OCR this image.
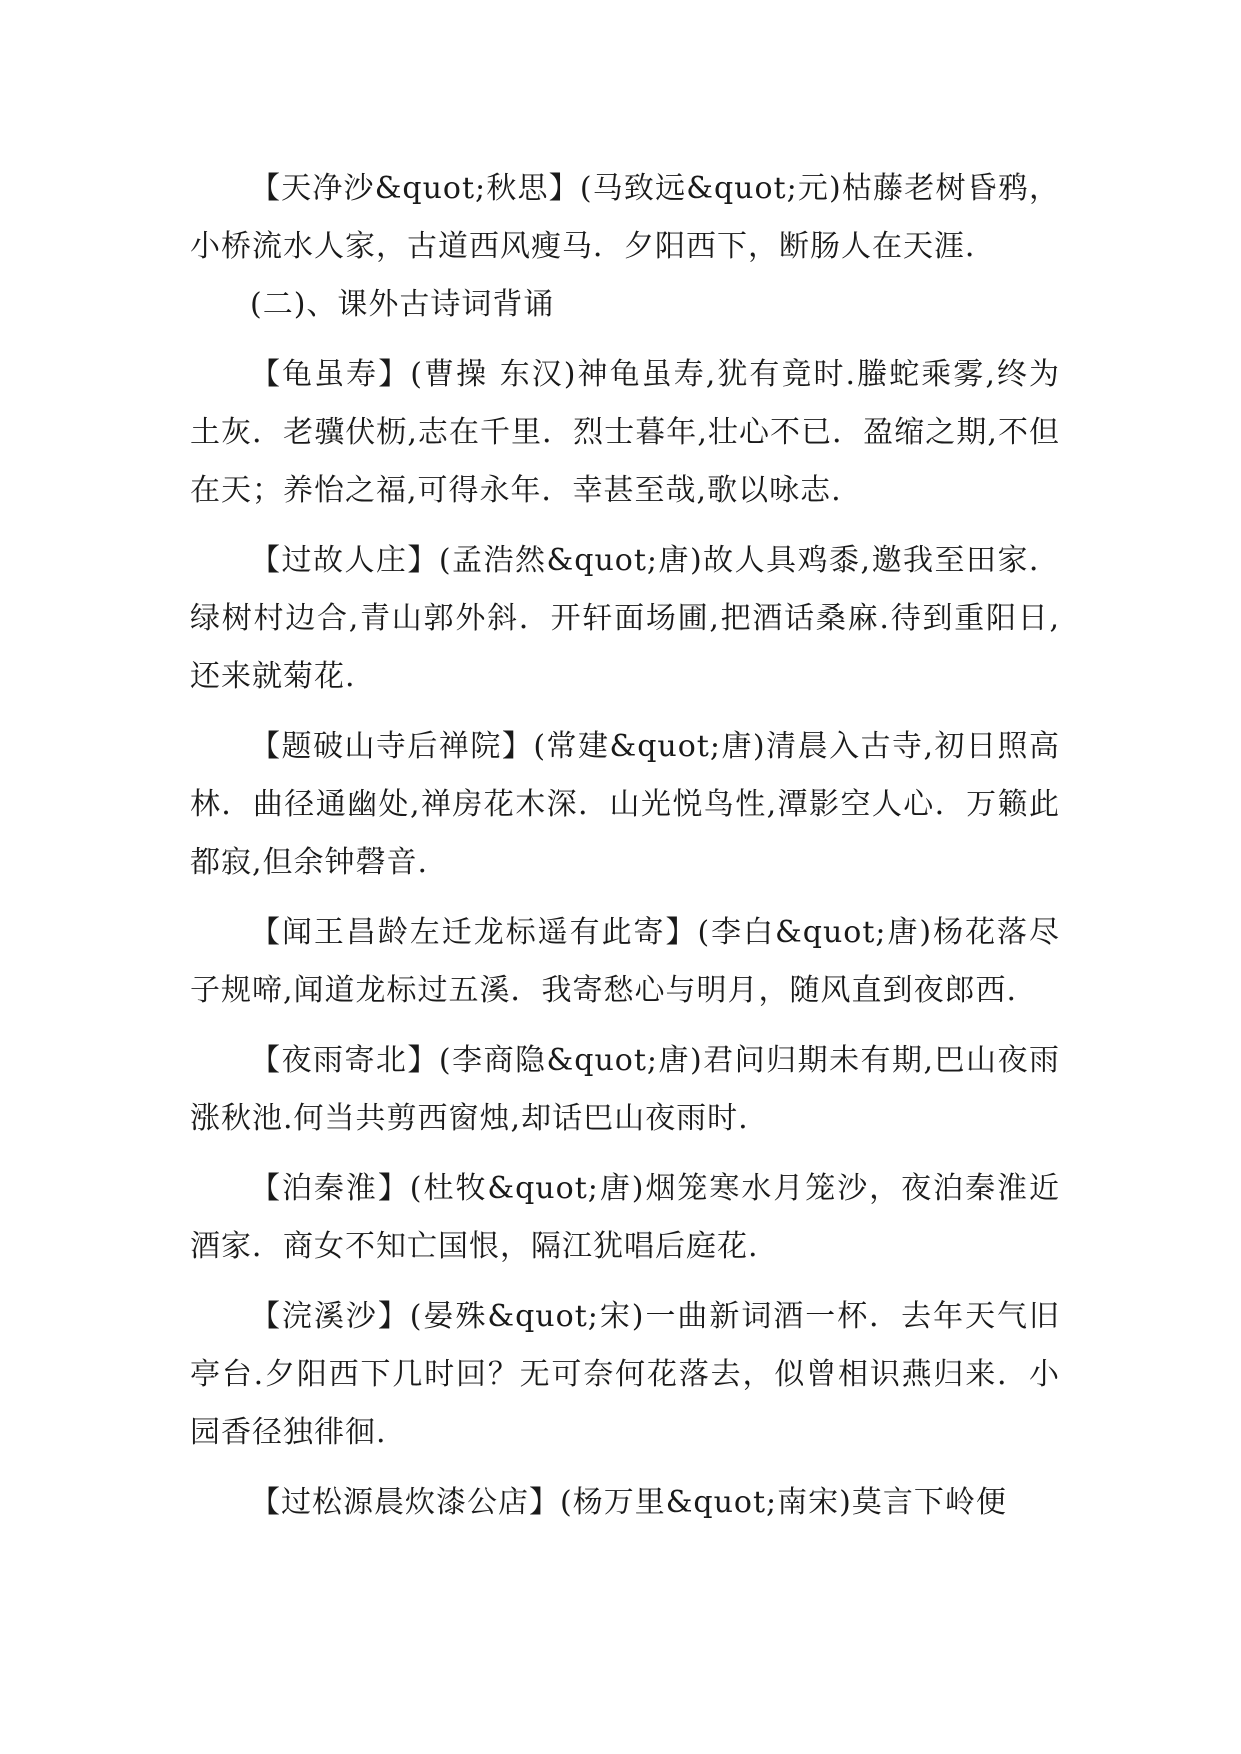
【天净沙&quot;秋思】(马致远&quot;元)枯藤老树昏鸦，小桥流水人家，古道西风瘦马．夕阳西下，断肠人在天涯．

(二)、课外古诗词背诵

【龟虽寿】(曹操 东汉)神龟虽寿,犹有竟时.螣蛇乘雾,终为土灰．老骥伏枥,志在千里．烈士暮年,壮心不已．盈缩之期,不但在天；养怡之福,可得永年．幸甚至哉,歌以咏志.

【过故人庄】(孟浩然&quot;唐)故人具鸡黍,邀我至田家．绿树村边合,青山郭外斜．开轩面场圃,把酒话桑麻.待到重阳日,还来就菊花.

【题破山寺后禅院】(常建&quot;唐)清晨入古寺,初日照高林．曲径通幽处,禅房花木深．山光悦鸟性,潭影空人心．万籁此都寂,但余钟磬音.

【闻王昌龄左迁龙标遥有此寄】(李白&quot;唐)杨花落尽子规啼,闻道龙标过五溪．我寄愁心与明月，随风直到夜郎西.

【夜雨寄北】(李商隐&quot;唐)君问归期未有期,巴山夜雨涨秋池.何当共剪西窗烛,却话巴山夜雨时.

【泊秦淮】(杜牧&quot;唐)烟笼寒水月笼沙，夜泊秦淮近酒家．商女不知亡国恨，隔江犹唱后庭花.

【浣溪沙】(晏殊&quot;宋)一曲新词酒一杯．去年天气旧亭台.夕阳西下几时回？无可奈何花落去，似曾相识燕归来．小园香径独徘徊.

【过松源晨炊漆公店】(杨万里&quot;南宋)莫言下岭便
